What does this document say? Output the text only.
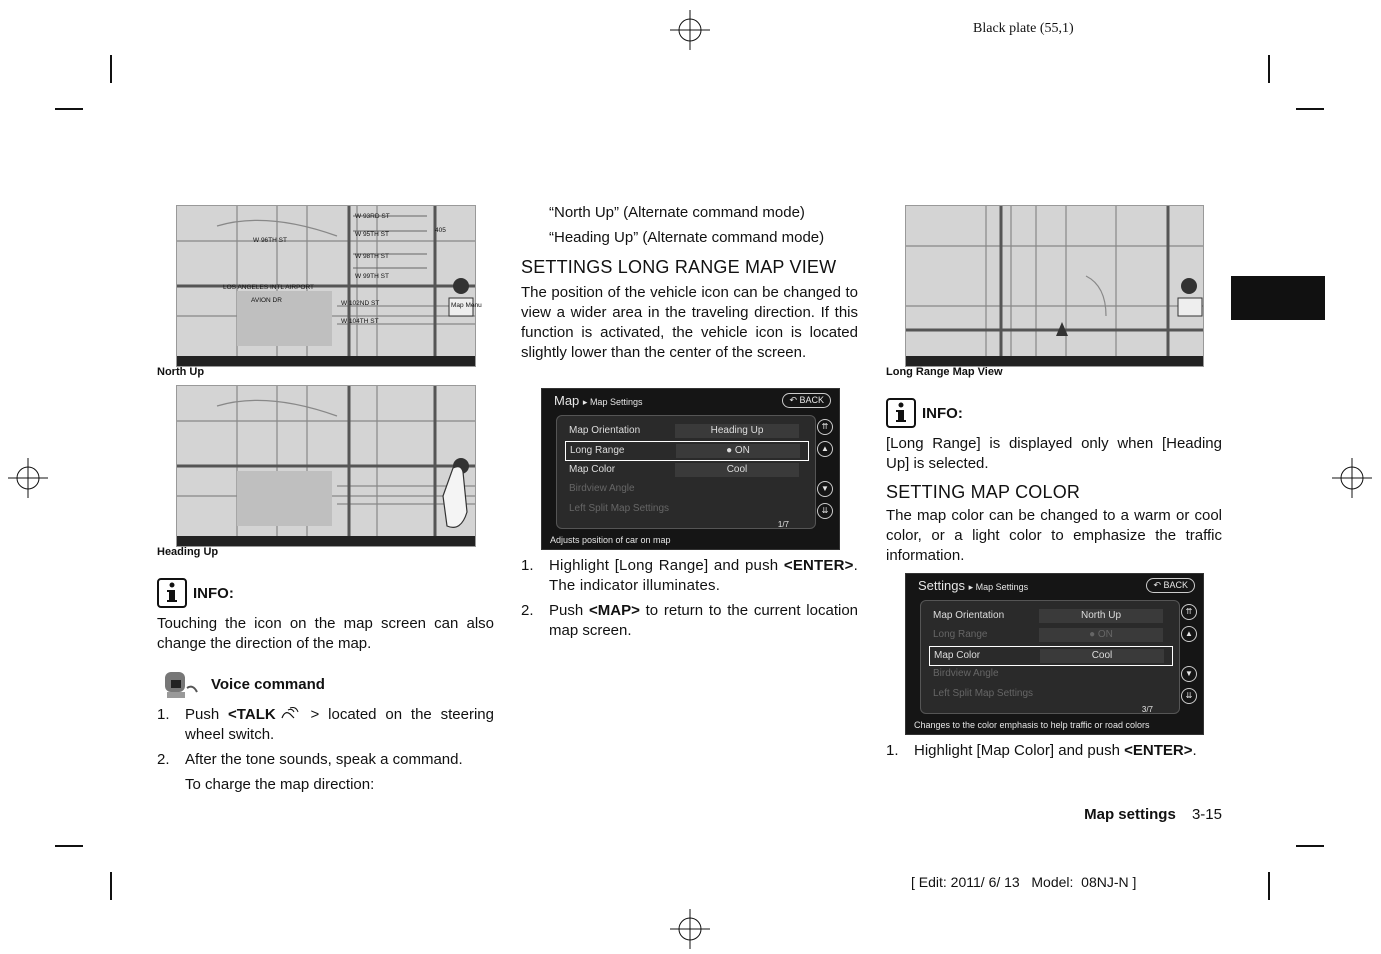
Black plate (55,1)
W 93RD ST
W 95TH ST
W 96TH ST
W 98TH ST
W 99TH ST
LOS ANGELES INTL AIRPORT
AVION DR	W 102ND ST
W 104TH ST
405
Map Menu
North Up
Heading Up
INFO:

Touching the icon on the map screen can also change the direction of the map.

Voice command
1. Push <TALK > located on the steering wheel switch.
2. After the tone sounds, speak a command.

To charge the map direction:

“North Up” (Alternate command mode)

“Heading Up” (Alternate command mode)

SETTINGS LONG RANGE MAP VIEW

The position of the vehicle icon can be changed to view a wider area in the traveling direction. If this function is activated, the vehicle icon is located slightly lower than the center of the screen.

Map ▸ Map Settings	↶ BACK
Map Orientation	Heading Up
Long Range	● ON
Map Color	Cool
Birdview Angle
Left Split Map Settings
⇈
▲
▼
⇊
1/7
Adjusts position of car on map
1. Highlight [Long Range] and push <ENTER>. The indicator illuminates.
2. Push <MAP> to return to the current location map screen.
Long Range Map View
INFO:

[Long Range] is displayed only when [Heading Up] is selected.

SETTING MAP COLOR

The map color can be changed to a warm or cool color, or a light color to emphasize the traffic information.

Settings ▸ Map Settings	↶ BACK
Map Orientation	North Up
Long Range	● ON
Map Color	Cool
Birdview Angle
Left Split Map Settings
⇈
▲
▼
⇊
3/7
Changes to the color emphasis to help traffic or road colors
1. Highlight [Map Color] and push <ENTER>.
Map settings 3-15
[ Edit: 2011/ 6/ 13   Model:  08NJ-N ]
